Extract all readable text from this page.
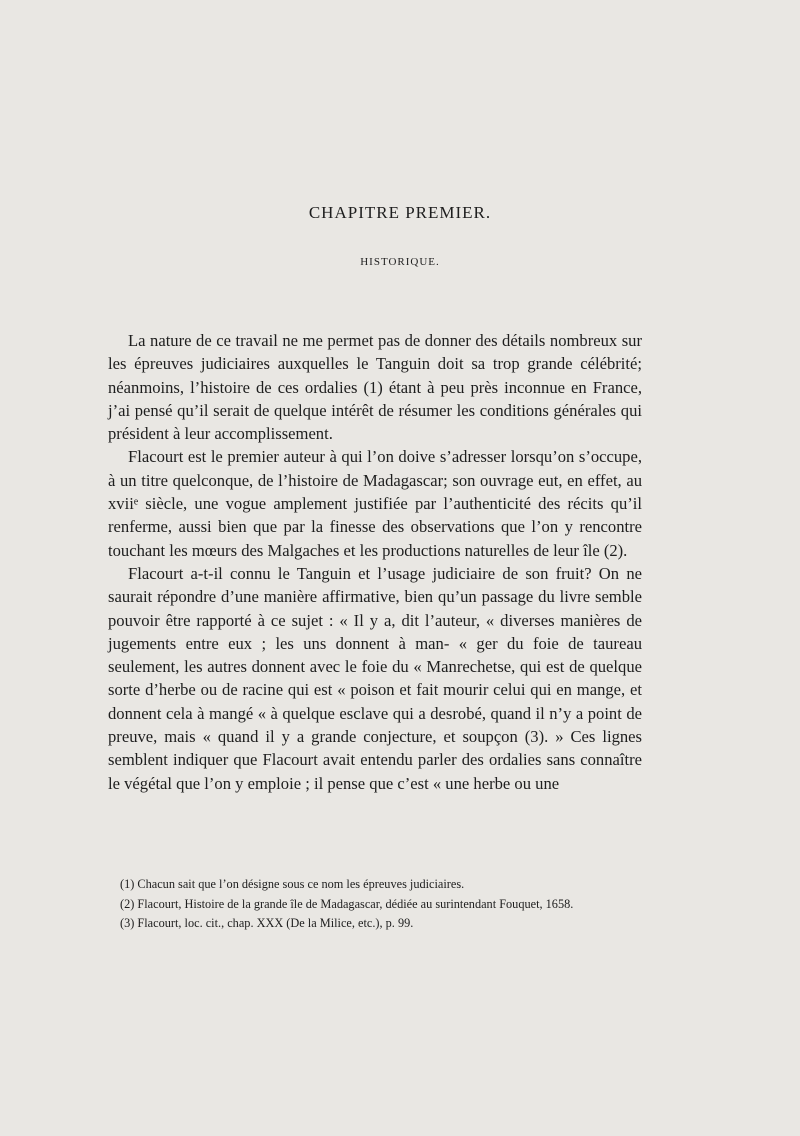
CHAPITRE PREMIER.
HISTORIQUE.

La nature de ce travail ne me permet pas de donner des détails nombreux sur les épreuves judiciaires auxquelles le Tanguin doit sa trop grande célébrité; néanmoins, l’histoire de ces ordalies (1) étant à peu près inconnue en France, j’ai pensé qu’il serait de quelque intérêt de résumer les conditions générales qui président à leur accomplissement.

Flacourt est le premier auteur à qui l’on doive s’adresser lorsqu’on s’occupe, à un titre quelconque, de l’histoire de Madagascar; son ouvrage eut, en effet, au xviiᵉ siècle, une vogue amplement justifiée par l’authenticité des récits qu’il renferme, aussi bien que par la finesse des observations que l’on y rencontre touchant les mœurs des Malgaches et les productions naturelles de leur île (2).

Flacourt a-t-il connu le Tanguin et l’usage judiciaire de son fruit? On ne saurait répondre d’une manière affirmative, bien qu’un passage du livre semble pouvoir être rapporté à ce sujet : « Il y a, dit l’auteur, « diverses manières de jugements entre eux ; les uns donnent à man- « ger du foie de taureau seulement, les autres donnent avec le foie du « Manrechetse, qui est de quelque sorte d’herbe ou de racine qui est « poison et fait mourir celui qui en mange, et donnent cela à mangé « à quelque esclave qui a desrobé, quand il n’y a point de preuve, mais « quand il y a grande conjecture, et soupçon (3). » Ces lignes semblent indiquer que Flacourt avait entendu parler des ordalies sans connaître le végétal que l’on y emploie ; il pense que c’est « une herbe ou une

(1) Chacun sait que l’on désigne sous ce nom les épreuves judiciaires.

(2) Flacourt, Histoire de la grande île de Madagascar, dédiée au surintendant Fouquet, 1658.

(3) Flacourt, loc. cit., chap. XXX (De la Milice, etc.), p. 99.
